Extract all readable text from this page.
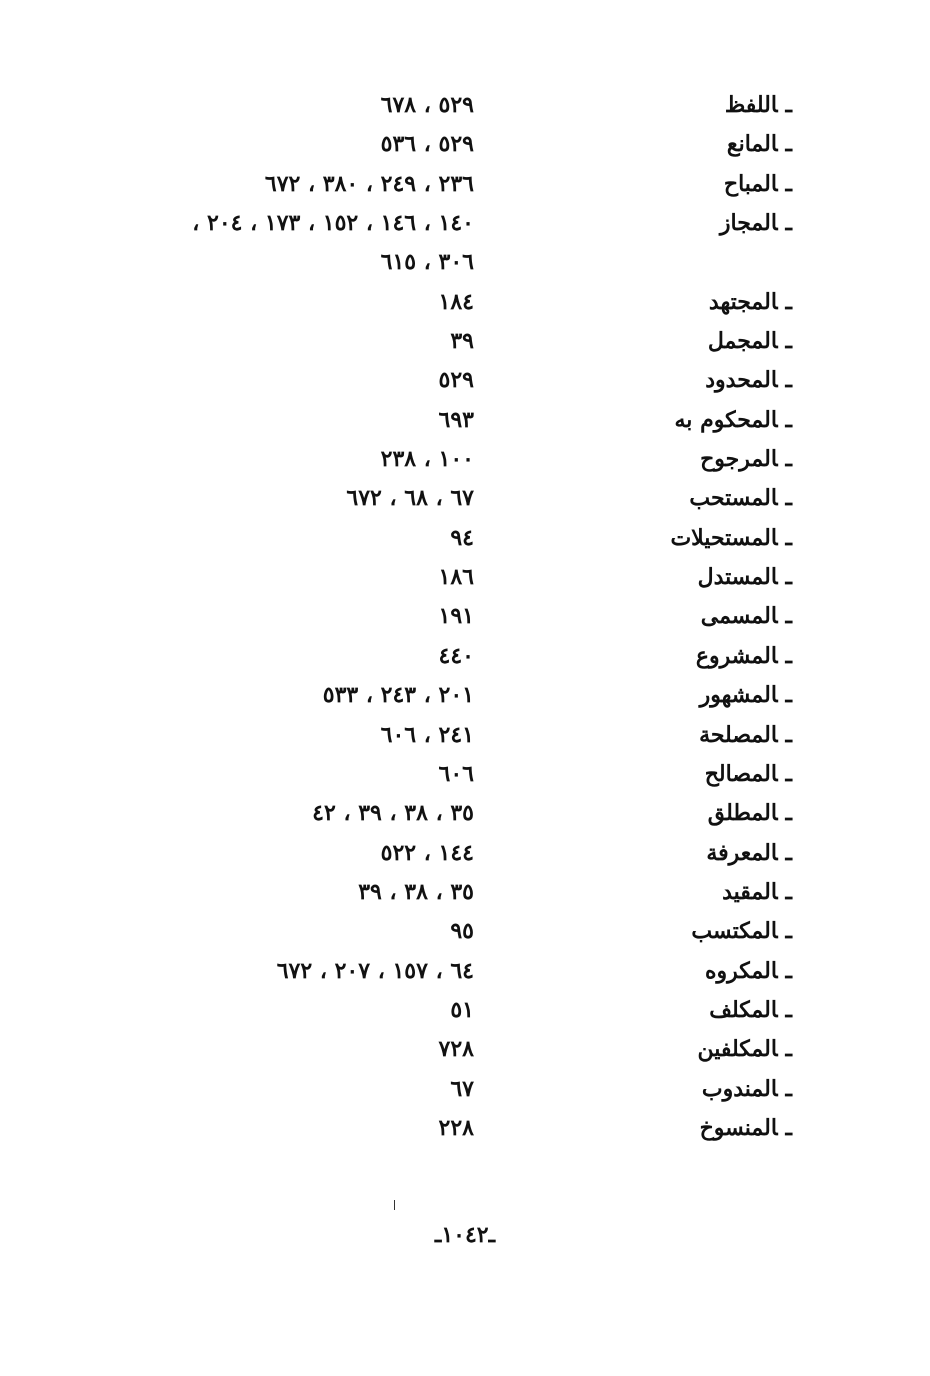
ـاللفظ
٥٢٩ ، ٦٧٨
ـالمانع
٥٢٩ ، ٥٣٦
ـالمباح
٢٣٦ ، ٢٤٩ ، ٣٨٠ ، ٦٧٢
ـالمجاز
١٤٠ ، ١٤٦ ، ١٥٢ ، ١٧٣ ، ٢٠٤ ،
٣٠٦ ، ٦١٥
ـالمجتهد
١٨٤
ـالمجمل
٣٩
ـالمحدود
٥٢٩
ـالمحكوم به
٦٩٣
ـالمرجوح
١٠٠ ، ٢٣٨
ـالمستحب
٦٧ ، ٦٨ ، ٦٧٢
ـالمستحيلات
٩٤
ـالمستدل
١٨٦
ـالمسمى
١٩١
ـالمشروع
٤٤٠
ـالمشهور
٢٠١ ، ٢٤٣ ، ٥٣٣
ـالمصلحة
٢٤١ ، ٦٠٦
ـالمصالح
٦٠٦
ـالمطلق
٣٥ ، ٣٨ ، ٣٩ ، ٤٢
ـالمعرفة
١٤٤ ، ٥٢٢
ـالمقيد
٣٥ ، ٣٨ ، ٣٩
ـالمكتسب
٩٥
ـالمكروه
٦٤ ، ١٥٧ ، ٢٠٧ ، ٦٧٢
ـالمكلف
٥١
ـالمكلفين
٧٢٨
ـالمندوب
٦٧
ـالمنسوخ
٢٢٨
ـ١٠٤٢ـ
